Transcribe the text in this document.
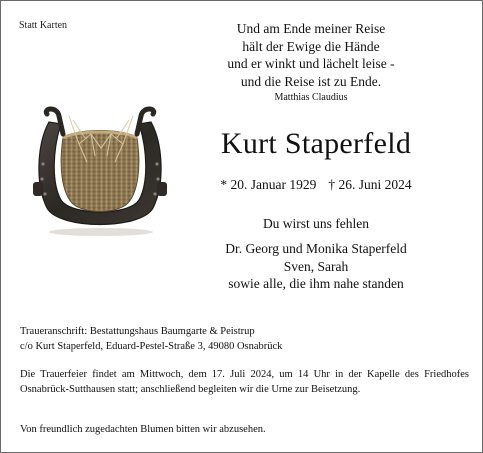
Statt Karten	Und am Ende meiner Reise
hält der Ewige die Hände
und er winkt und lächelt leise -
und die Reise ist zu Ende.
Matthias Claudius
Kurt Staperfeld
* 20. Januar 1929 † 26. Juni 2024
Du wirst uns fehlen
Dr. Georg und Monika Staperfeld
Sven, Sarah
sowie alle, die ihm nahe standen
Traueranschrift: Bestattungshaus Baumgarte & Peistrup
c/o Kurt Staperfeld, Eduard-Pestel-Straße 3, 49080 Osnabrück
Die Trauerfeier findet am Mittwoch, dem 17. Juli 2024, um 14 Uhr in der Kapelle des Friedhofes Osnabrück-Sutthausen statt; anschließend begleiten wir die Urne zur Beisetzung.
Von freundlich zugedachten Blumen bitten wir abzusehen.
